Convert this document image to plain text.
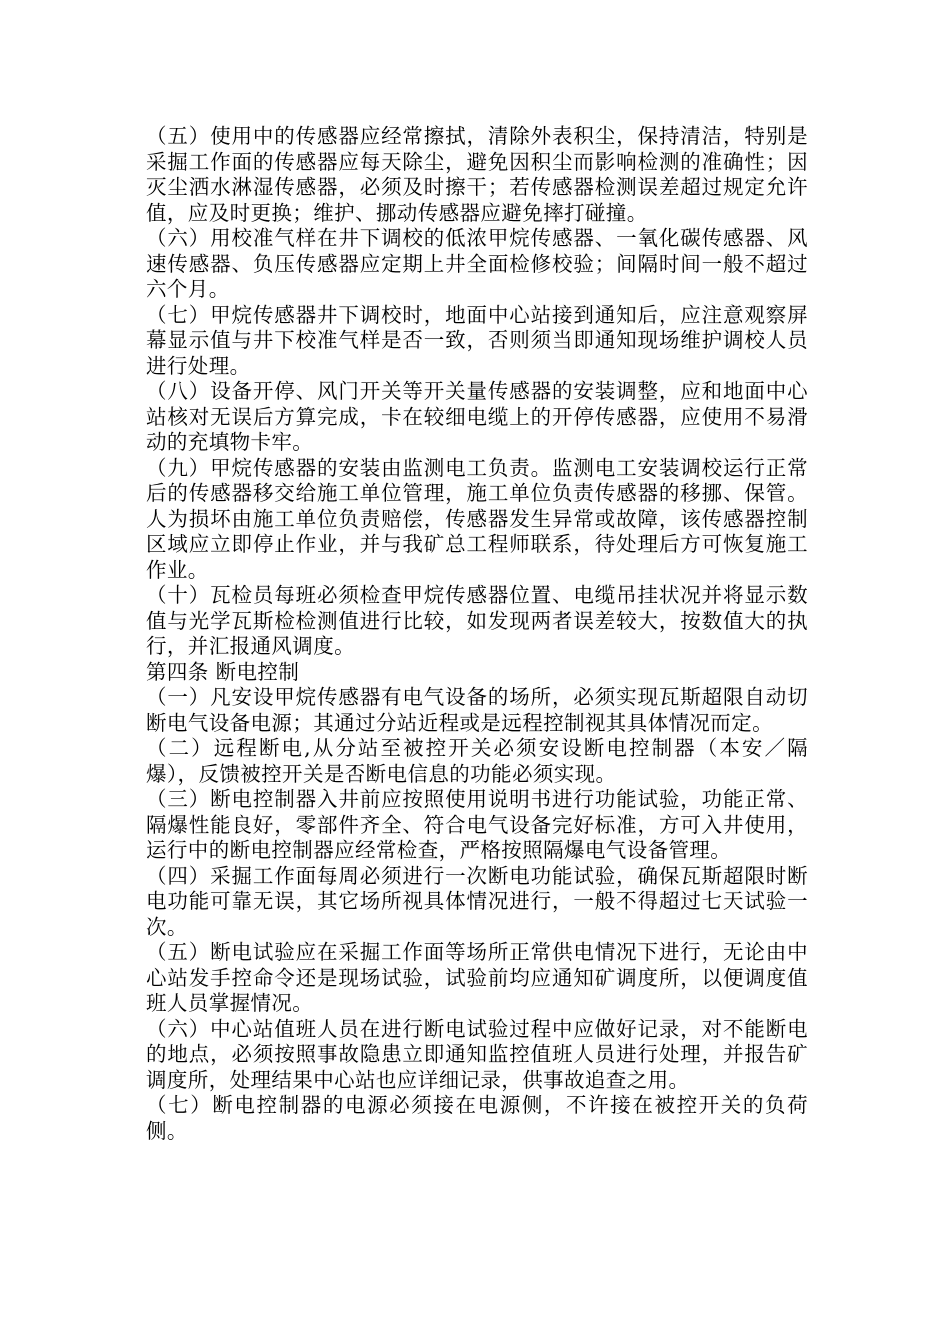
（五）使用中的传感器应经常擦拭，清除外表积尘，保持清洁，特别是采掘工作面的传感器应每天除尘，避免因积尘而影响检测的准确性；因灭尘洒水淋湿传感器，必须及时擦干；若传感器检测误差超过规定允许值，应及时更换；维护、挪动传感器应避免摔打碰撞。

（六）用校准气样在井下调校的低浓甲烷传感器、一氧化碳传感器、风速传感器、负压传感器应定期上井全面检修校验；间隔时间一般不超过六个月。

（七）甲烷传感器井下调校时，地面中心站接到通知后，应注意观察屏幕显示值与井下校准气样是否一致，否则须当即通知现场维护调校人员进行处理。

（八）设备开停、风门开关等开关量传感器的安装调整，应和地面中心站核对无误后方算完成，卡在较细电缆上的开停传感器，应使用不易滑动的充填物卡牢。

（九）甲烷传感器的安装由监测电工负责。监测电工安装调校运行正常后的传感器移交给施工单位管理，施工单位负责传感器的移挪、保管。人为损坏由施工单位负责赔偿，传感器发生异常或故障，该传感器控制区域应立即停止作业，并与我矿总工程师联系，待处理后方可恢复施工作业。

（十）瓦检员每班必须检查甲烷传感器位置、电缆吊挂状况并将显示数值与光学瓦斯检检测值进行比较，如发现两者误差较大，按数值大的执行，并汇报通风调度。

第四条 断电控制

（一）凡安设甲烷传感器有电气设备的场所，必须实现瓦斯超限自动切断电气设备电源；其通过分站近程或是远程控制视其具体情况而定。

（二）远程断电,从分站至被控开关必须安设断电控制器（本安／隔爆），反馈被控开关是否断电信息的功能必须实现。

（三）断电控制器入井前应按照使用说明书进行功能试验，功能正常、隔爆性能良好，零部件齐全、符合电气设备完好标准，方可入井使用，运行中的断电控制器应经常检查，严格按照隔爆电气设备管理。

（四）采掘工作面每周必须进行一次断电功能试验，确保瓦斯超限时断电功能可靠无误，其它场所视具体情况进行，一般不得超过七天试验一次。

（五）断电试验应在采掘工作面等场所正常供电情况下进行，无论由中心站发手控命令还是现场试验，试验前均应通知矿调度所，以便调度值班人员掌握情况。

（六）中心站值班人员在进行断电试验过程中应做好记录，对不能断电的地点，必须按照事故隐患立即通知监控值班人员进行处理，并报告矿调度所，处理结果中心站也应详细记录，供事故追查之用。

（七）断电控制器的电源必须接在电源侧，不许接在被控开关的负荷侧。
